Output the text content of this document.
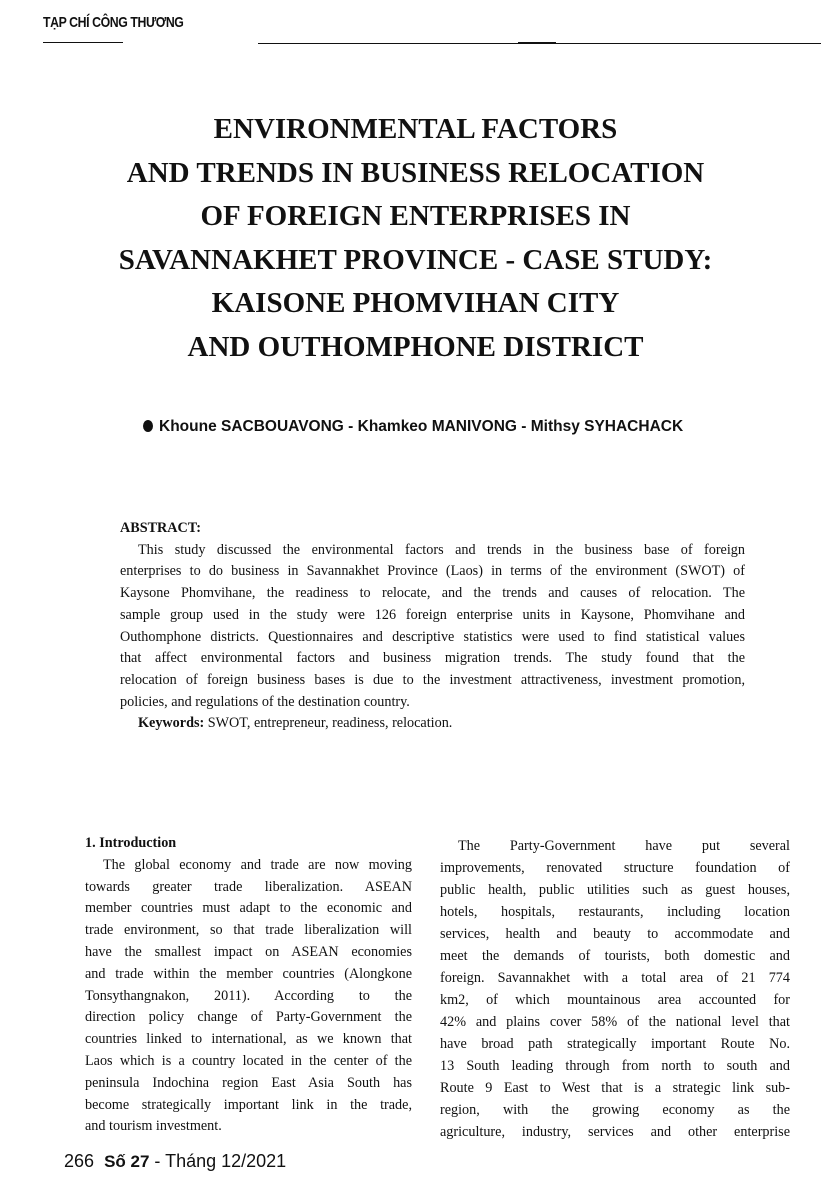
TẠP CHÍ CÔNG THƯƠNG
ENVIRONMENTAL FACTORS
AND TRENDS IN BUSINESS RELOCATION
OF FOREIGN ENTERPRISES IN
SAVANNAKHET PROVINCE - CASE STUDY:
KAISONE PHOMVIHAN CITY
AND OUTHOMPHONE DISTRICT
Khoune SACBOUAVONG - Khamkeo MANIVONG - Mithsy SYHACHACK
ABSTRACT:
This study discussed the environmental factors and trends in the business base of foreign
enterprises to do business in Savannakhet Province (Laos) in terms of the environment (SWOT) of
Kaysone Phomvihane, the readiness to relocate, and the trends and causes of relocation. The
sample group used in the study were 126 foreign enterprise units in Kaysone, Phomvihane and
Outhomphone districts. Questionnaires and descriptive statistics were used to find statistical values
that affect environmental factors and business migration trends. The study found that the
relocation of foreign business bases is due to the investment attractiveness, investment promotion,
policies, and regulations of the destination country.
Keywords: SWOT, entrepreneur, readiness, relocation.
1. Introduction
The global economy and trade are now moving
towards greater trade liberalization. ASEAN
member countries must adapt to the economic and
trade environment, so that trade liberalization will
have the smallest impact on ASEAN economies
and trade within the member countries (Alongkone
Tonsythangnakon, 2011). According to the
direction policy change of Party-Government the
countries linked to international, as we known that
Laos which is a country located in the center of the
peninsula Indochina region East Asia South has
become strategically important link in the trade,
and tourism investment.
The Party-Government have put several
improvements, renovated structure foundation of
public health, public utilities such as guest houses,
hotels, hospitals, restaurants, including location
services, health and beauty to accommodate and
meet the demands of tourists, both domestic and
foreign. Savannakhet with a total area of 21 774
km2, of which mountainous area accounted for
42% and plains cover 58% of the national level that
have broad path strategically important Route No.
13 South leading through from north to south and
Route 9 East to West that is a strategic link sub-
region, with the growing economy as the
agriculture, industry, services and other enterprise
266 Số 27 - Tháng 12/2021
